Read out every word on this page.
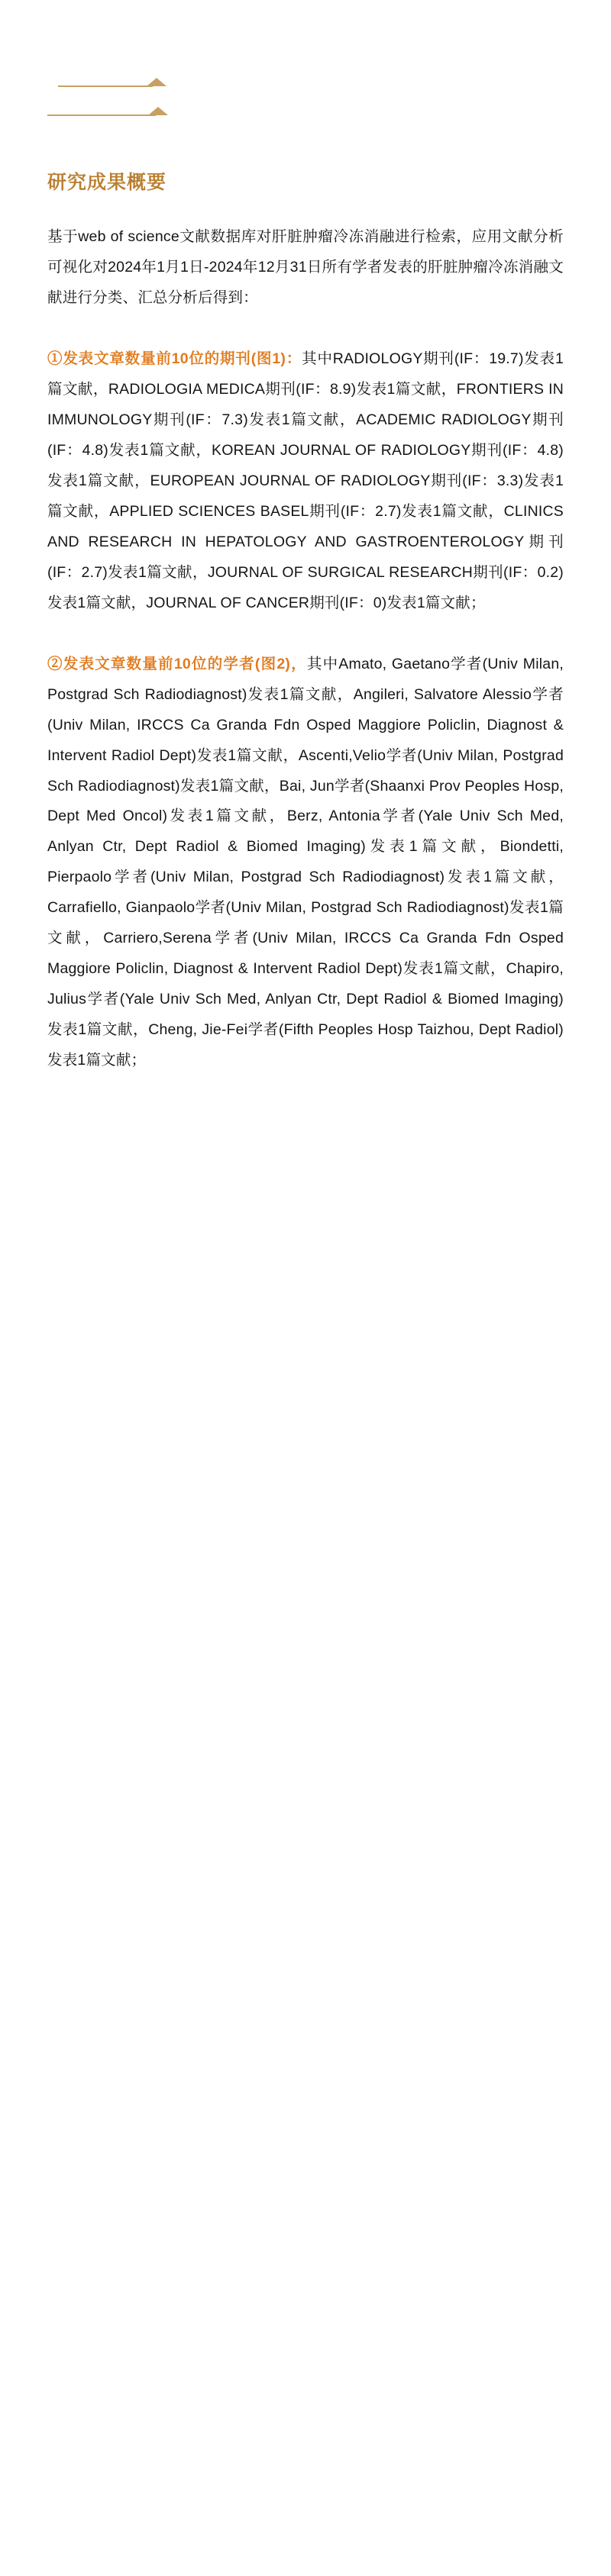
研究成果概要

基于web of science文献数据库对肝脏肿瘤冷冻消融进行检索，应用文献分析可视化对2024年1月1日-2024年12月31日所有学者发表的肝脏肿瘤冷冻消融文献进行分类、汇总分析后得到：

①发表文章数量前10位的期刊(图1)：其中RADIOLOGY期刊(IF：19.7)发表1篇文献，RADIOLOGIA MEDICA期刊(IF：8.9)发表1篇文献，FRONTIERS IN IMMUNOLOGY期刊(IF：7.3)发表1篇文献，ACADEMIC RADIOLOGY期刊(IF：4.8)发表1篇文献，KOREAN JOURNAL OF RADIOLOGY期刊(IF：4.8)发表1篇文献，EUROPEAN JOURNAL OF RADIOLOGY期刊(IF：3.3)发表1篇文献，APPLIED SCIENCES BASEL期刊(IF：2.7)发表1篇文献，CLINICS AND RESEARCH IN HEPATOLOGY AND GASTROENTEROLOGY期刊(IF：2.7)发表1篇文献，JOURNAL OF SURGICAL RESEARCH期刊(IF：0.2)发表1篇文献，JOURNAL OF CANCER期刊(IF：0)发表1篇文献；

②发表文章数量前10位的学者(图2)，其中Amato, Gaetano学者(Univ Milan, Postgrad Sch Radiodiagnost)发表1篇文献，Angileri, Salvatore Alessio学者(Univ Milan, IRCCS Ca Granda Fdn Osped Maggiore Policlin, Diagnost & Intervent Radiol Dept)发表1篇文献，Ascenti,Velio学者(Univ Milan, Postgrad Sch Radiodiagnost)发表1篇文献，Bai, Jun学者(Shaanxi Prov Peoples Hosp, Dept Med Oncol)发表1篇文献，Berz, Antonia学者(Yale Univ Sch Med, Anlyan Ctr, Dept Radiol & Biomed Imaging)发表1篇文献，Biondetti, Pierpaolo学者(Univ Milan, Postgrad Sch Radiodiagnost)发表1篇文献，Carrafiello, Gianpaolo学者(Univ Milan, Postgrad Sch Radiodiagnost)发表1篇文献，Carriero,Serena学者(Univ Milan, IRCCS Ca Granda Fdn Osped Maggiore Policlin, Diagnost & Intervent Radiol Dept)发表1篇文献，Chapiro, Julius学者(Yale Univ Sch Med, Anlyan Ctr, Dept Radiol & Biomed Imaging)发表1篇文献，Cheng, Jie-Fei学者(Fifth Peoples Hosp Taizhou, Dept Radiol)发表1篇文献；
